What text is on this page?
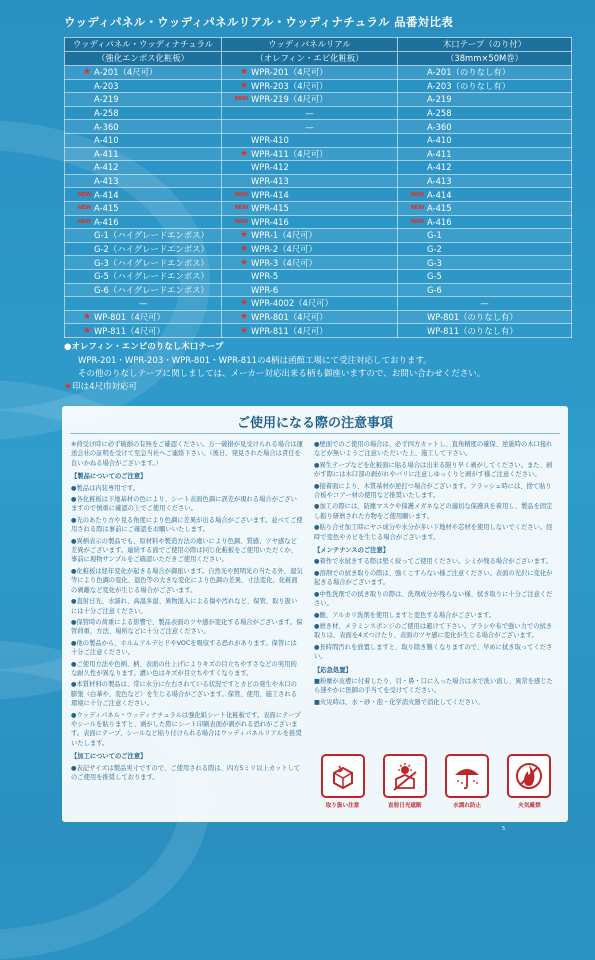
ウッディパネル・ウッディパネルリアル・ウッディナチュラル 品番対比表
ウッディパネル・ウッディナチュラル	ウッディパネルリアル	木口テープ（のり付）
（強化エンボス化粧板）	（オレフィン・エビ化粧板）	（38mm×50M巻）
★ A-201（4尺可）	★ WPR-201（4尺可）	A-201（のりなし有）
A-203	★ WPR-203（4尺可）	A-203（のりなし有）
A-219	NEW WPR-219（4尺可）	A-219
A-258	—	A-258
A-360	—	A-360
A-410	WPR-410	A-410
A-411	★ WPR-411（4尺可）	A-411
A-412	WPR-412	A-412
A-413	WPR-413	A-413
NEW A-414	NEW WPR-414	NEW A-414
NEW A-415	NEW WPR-415	NEW A-415
NEW A-416	NEW WPR-416	NEW A-416
G-1（ハイグレードエンボス）	★ WPR-1（4尺可）	G-1
G-2（ハイグレードエンボス）	★ WPR-2（4尺可）	G-2
G-3（ハイグレードエンボス）	★ WPR-3（4尺可）	G-3
G-5（ハイグレードエンボス）	WPR-5	G-5
G-6（ハイグレードエンボス）	WPR-6	G-6
—	★ WPR-4002（4尺可）	—
★ WP-801（4尺可）	★ WPR-801（4尺可）	WP-801（のりなし有）
★ WP-811（4尺可）	★ WPR-811（4尺可）	WP-811（のりなし有）
●オレフィン・エンビのりなし木口テープ
WPR-201・WPR-203・WPR-801・WPR-811の4柄は函館工場にて受注対応しております。
その他のりなしテープに関しましては、メーカー対応出来る柄も御座いますので、お問い合わせください。
★印は4尺巾対応可
ご使用になる際の注意事項

※荷受け時に必ず破損の有無をご確認ください。万一破損が見受けられる場合は運送会社の証明を受けて至急当社へご連絡下さい。（後日、発見された場合は責任を負いかねる場合がございます。）

【製品についてのご注意】

●製品は内装専用です。

●各化粧板は下地基材の色により、シート表面色調に誤差が現れる場合がございますので慎重に確認の上でご使用ください。

●光のあたり方や見る角度により色調に差異が出る場合がございます。並べてご使用される際は事前にご確認をお願いいたします。

●異柄表示の製品でも、原材料や製造方法の違いにより色調、質感、ツヤ感など差異がございます。連続する面でご使用の際は同じ化粧板をご使用いただくか、事前に現物サンプルをご確認いただきご使用ください。

●化粧板は経年変化が起きる場合が御座います。自然光や照明光の当たる外、湿気等により色調の変化、退色等の大きな変化により色調の差異、寸法変化、化粧面の剥離など変化が生じる場合がございます。

●直射日光、水濡れ、高温多湿、異物混入による傷や汚れなど、保管、取り扱いには十分ご注意ください。

●保管時の荷重による影響で、製品表面のツヤ感が変化する場合がございます。保管荷重、方法、場所などに十分ご注意ください。

●他の製品から、ホルムアルデヒドやVOCを吸収する恐れがあります。保管には十分ご注意ください。

●ご使用方法や色柄、柄、表面の仕上げによりキズの目立ちやすさなどの実用的な耐久性が異なります。濃い色はキズが目立ちやすくなります。

●本質材料の製品は、常に水分に左右されている状況ですとカビの発生や木口の膨張（白華や、変色など）を生じる場合がございます。保管、使用、施工される環境に十分ご注意ください。

●ウッディパネル・ウッディナチュラルは強化紙シート化粧板です。表面にテープやシールを貼りますと、剥がした際にシート印刷表面が剥がれる恐れがございます。表面にテープ、シールなど貼り付けられる場合はウッディパネルリアルを推奨いたします。

【加工についてのご注意】

●表記サイズは製品実寸ですので、ご使用される際は、四方5ミリ以上カットしてのご使用を推奨しております。

●壁面でのご使用の場合は、必ず四方カットし、直角精度の確保、逆施時の木口接れなどが無いようご注意いただいた上、施工して下さい。

●異生テープなどを化粧面に貼る場合は出来る限り早く剥がしてください。また、剥がす際には木口部の剥がれやバリに注意しゆっくりと剥がす様ご注意ください。

●接着面により、木質基材が逆打つ場合がございます。フラッシュ時には、捨て貼り合板やコアー材の使用など推奨いたします。

●加工の際には、防塵マスクや保護メガネなどの適切な保護具を着用し、製品を固定し振り研磨された方物をご使用願います。

●貼り合せ加工時にヤニ成分や水分が多い下地材や芯材を使用しないでください。経時で変色やカビを生じる場合がございます。

【メンテナンスのご注意】

●着作で水拭きする際は堅く絞ってご使用ください。シミが残る場合がございます。

●溶剤での拭き取りの際は、強くこすらない様ご注意ください。表面の光沢に変化が起きる場合がございます。

●中性洗剤での拭き取りの際は、洗剤成分が残らない様、拭き取りに十分ご注意ください。

●酸、アルカリ洗剤を使用しますと変色する場合がございます。

●磨き材、メラミンスポンジのご使用は避けて下さい。ブラシや布で強い力での拭き取りは、表面を4ズつけたり、表面のツヤ感に変化が生じる場合がございます。

●長時間汚れを放置しますと、取り除き難くなりますので、早めに拭き取ってください。

【応急処置】

■粉塵が皮膚に付着したり、目・鼻・口に入った場合は水で洗い流し、異常を感じたら速やかに医師の手当てを受けてください。

■火災時は、水・砂・泡・化学消火器で消化してください。

取り扱い注意	直射日光遮断	水濡れ防止	火気厳禁
5
